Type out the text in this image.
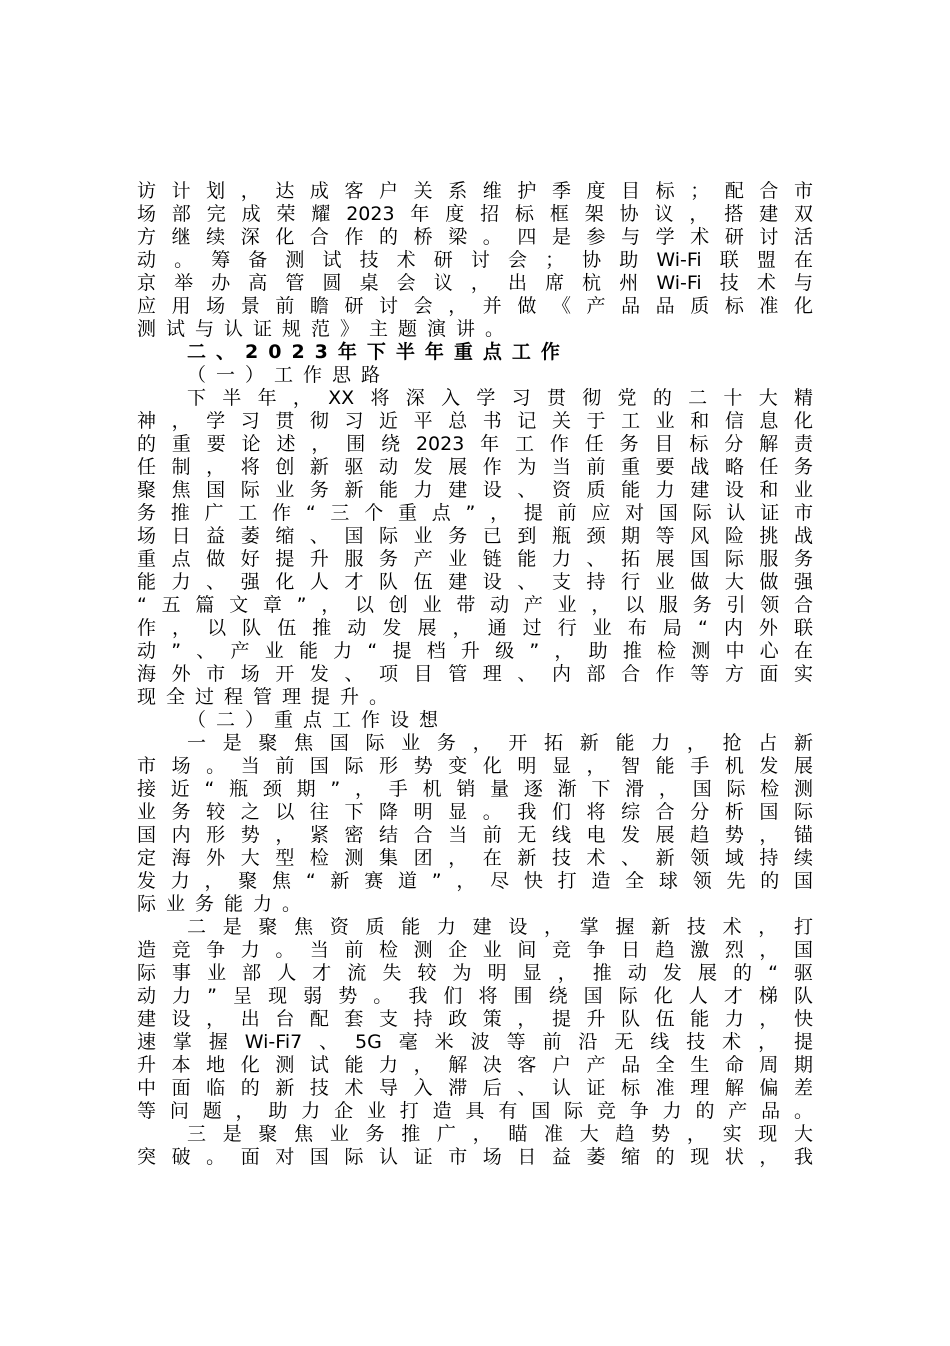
访计划，达成客户关系维护季度目标；配合市
场部完成荣耀2023年度招标框架协议，搭建双
方继续深化合作的桥梁。四是参与学术研讨活
动。筹备测试技术研讨会；协助Wi-Fi联盟在
京举办高管圆桌会议，出席杭州Wi-Fi技术与
应用场景前瞻研讨会，并做《产品品质标准化
测试与认证规范》主题演讲。
二、2023年下半年重点工作
（一）工作思路
下半年，XX将深入学习贯彻党的二十大精
神，学习贯彻习近平总书记关于工业和信息化
的重要论述，围绕2023年工作任务目标分解责
任制，将创新驱动发展作为当前重要战略任务
聚焦国际业务新能力建设、资质能力建设和业
务推广工作“三个重点”，提前应对国际认证市
场日益萎缩、国际业务已到瓶颈期等风险挑战
重点做好提升服务产业链能力、拓展国际服务
能力、强化人才队伍建设、支持行业做大做强
“五篇文章”，以创业带动产业，以服务引领合
作，以队伍推动发展，通过行业布局“内外联
动”、产业能力“提档升级”，助推检测中心在
海外市场开发、项目管理、内部合作等方面实
现全过程管理提升。
（二）重点工作设想
一是聚焦国际业务，开拓新能力，抢占新
市场。当前国际形势变化明显，智能手机发展
接近“瓶颈期”，手机销量逐渐下滑，国际检测
业务较之以往下降明显。我们将综合分析国际
国内形势，紧密结合当前无线电发展趋势，锚
定海外大型检测集团，在新技术、新领域持续
发力，聚焦“新赛道”，尽快打造全球领先的国
际业务能力。
二是聚焦资质能力建设，掌握新技术，打
造竞争力。当前检测企业间竞争日趋激烈，国
际事业部人才流失较为明显，推动发展的“驱
动力”呈现弱势。我们将围绕国际化人才梯队
建设，出台配套支持政策，提升队伍能力，快
速掌握Wi-Fi7、5G毫米波等前沿无线技术，提
升本地化测试能力，解决客户产品全生命周期
中面临的新技术导入滞后、认证标准理解偏差
等问题，助力企业打造具有国际竞争力的产品。
三是聚焦业务推广，瞄准大趋势，实现大
突破。面对国际认证市场日益萎缩的现状，我
